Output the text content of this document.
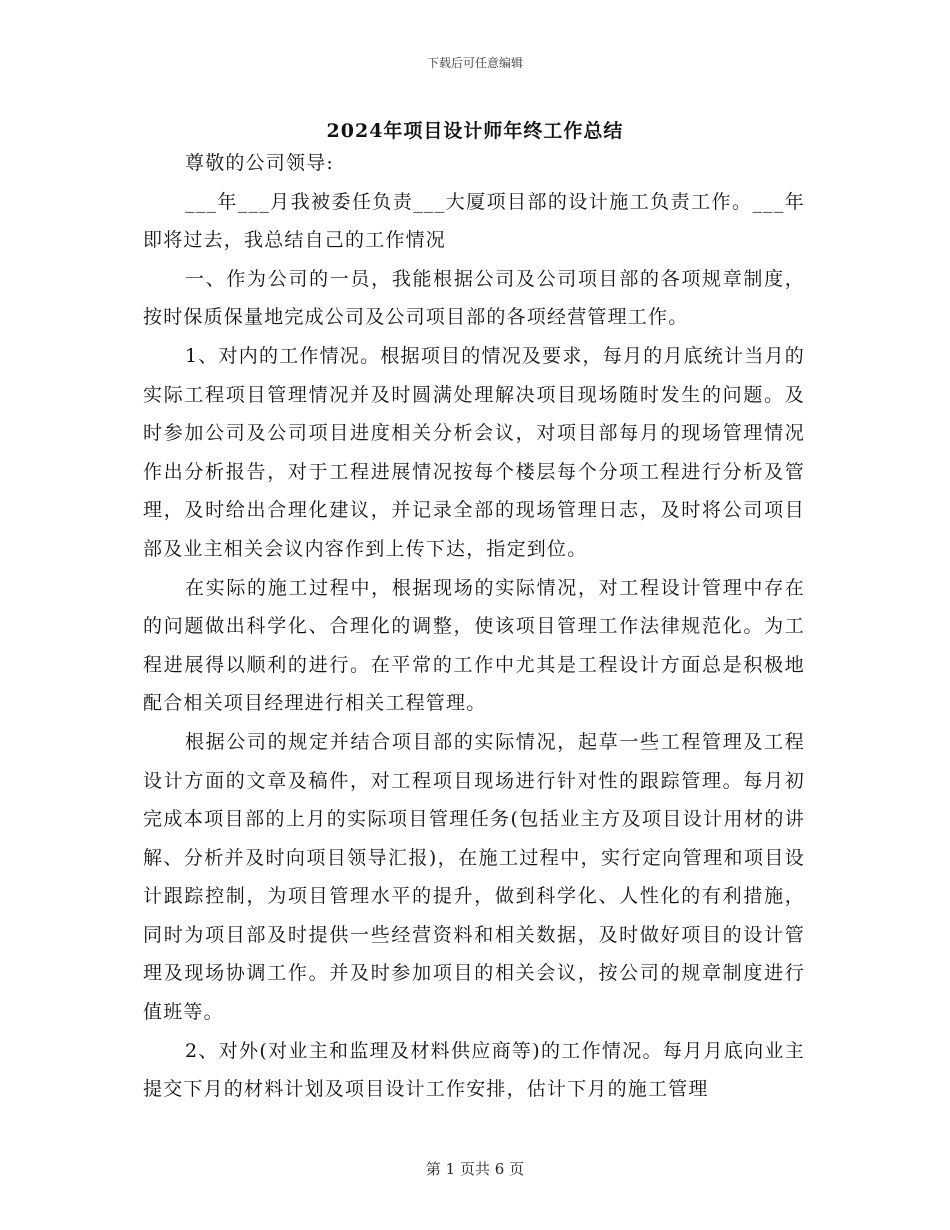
下载后可任意编辑
2024年项目设计师年终工作总结

尊敬的公司领导:

___年___月我被委任负责___大厦项目部的设计施工负责工作。___年即将过去，我总结自己的工作情况

一、作为公司的一员，我能根据公司及公司项目部的各项规章制度，按时保质保量地完成公司及公司项目部的各项经营管理工作。

1、对内的工作情况。根据项目的情况及要求，每月的月底统计当月的实际工程项目管理情况并及时圆满处理解决项目现场随时发生的问题。及时参加公司及公司项目进度相关分析会议，对项目部每月的现场管理情况作出分析报告，对于工程进展情况按每个楼层每个分项工程进行分析及管理，及时给出合理化建议，并记录全部的现场管理日志，及时将公司项目部及业主相关会议内容作到上传下达，指定到位。

在实际的施工过程中，根据现场的实际情况，对工程设计管理中存在的问题做出科学化、合理化的调整，使该项目管理工作法律规范化。为工程进展得以顺利的进行。在平常的工作中尤其是工程设计方面总是积极地配合相关项目经理进行相关工程管理。

根据公司的规定并结合项目部的实际情况，起草一些工程管理及工程设计方面的文章及稿件，对工程项目现场进行针对性的跟踪管理。每月初完成本项目部的上月的实际项目管理任务(包括业主方及项目设计用材的讲解、分析并及时向项目领导汇报)，在施工过程中，实行定向管理和项目设计跟踪控制，为项目管理水平的提升，做到科学化、人性化的有利措施，同时为项目部及时提供一些经营资料和相关数据，及时做好项目的设计管理及现场协调工作。并及时参加项目的相关会议，按公司的规章制度进行值班等。

2、对外(对业主和监理及材料供应商等)的工作情况。每月月底向业主提交下月的材料计划及项目设计工作安排，估计下月的施工管理

第 1 页共 6 页
